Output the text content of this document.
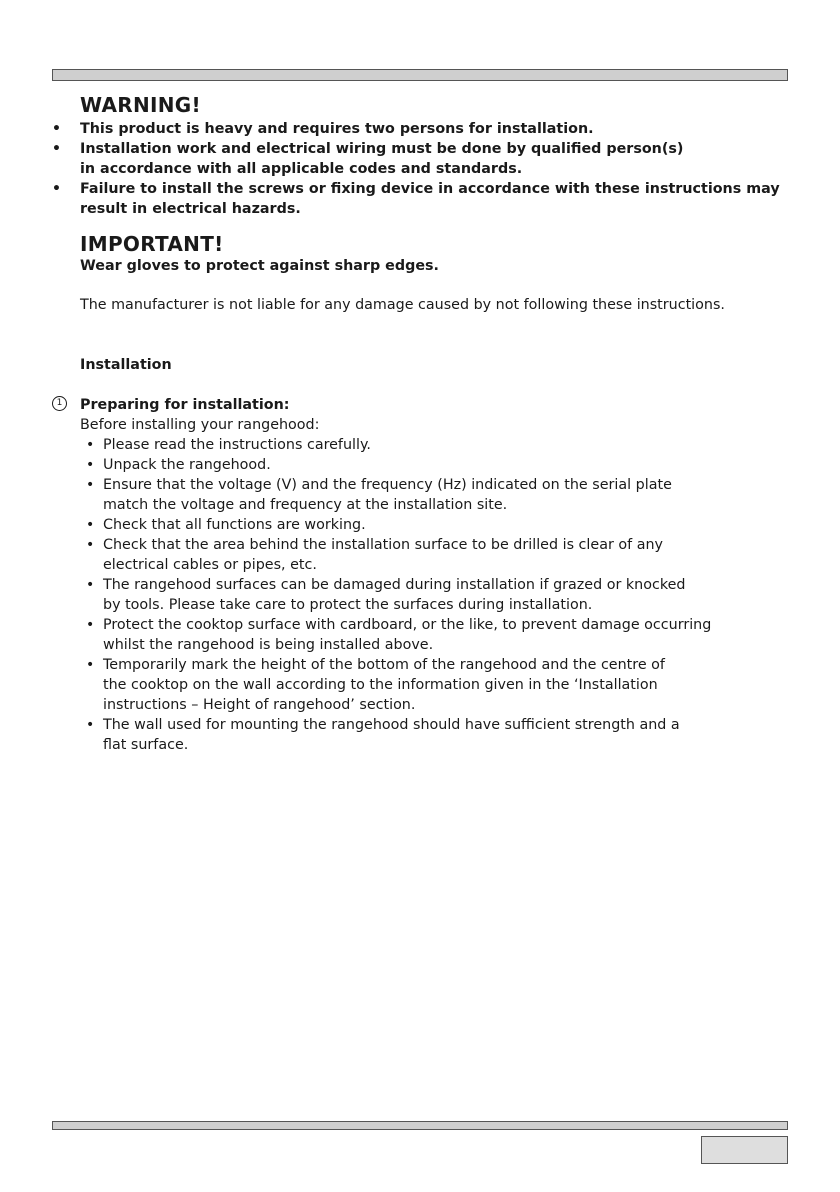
WARNING!
• This product is heavy and requires two persons for installation.
• Installation work and electrical wiring must be done by qualified person(s)
in accordance with all applicable codes and standards.
• Failure to install the screws or fixing device in accordance with these instructions may
result in electrical hazards.
IMPORTANT!
Wear gloves to protect against sharp edges.
The manufacturer is not liable for any damage caused by not following these instructions.
Installation
1	Preparing for installation:
Before installing your rangehood:
• Please read the instructions carefully.
• Unpack the rangehood.
• Ensure that the voltage (V) and the frequency (Hz) indicated on the serial plate
match the voltage and frequency at the installation site.
• Check that all functions are working.
• Check that the area behind the installation surface to be drilled is clear of any
electrical cables or pipes, etc.
• The rangehood surfaces can be damaged during installation if grazed or knocked
by tools. Please take care to protect the surfaces during installation.
• Protect the cooktop surface with cardboard, or the like, to prevent damage occurring
whilst the rangehood is being installed above.
• Temporarily mark the height of the bottom of the rangehood and the centre of
the cooktop on the wall according to the information given in the ‘Installation
instructions – Height of rangehood’ section.
• The wall used for mounting the rangehood should have sufficient strength and a
flat surface.
